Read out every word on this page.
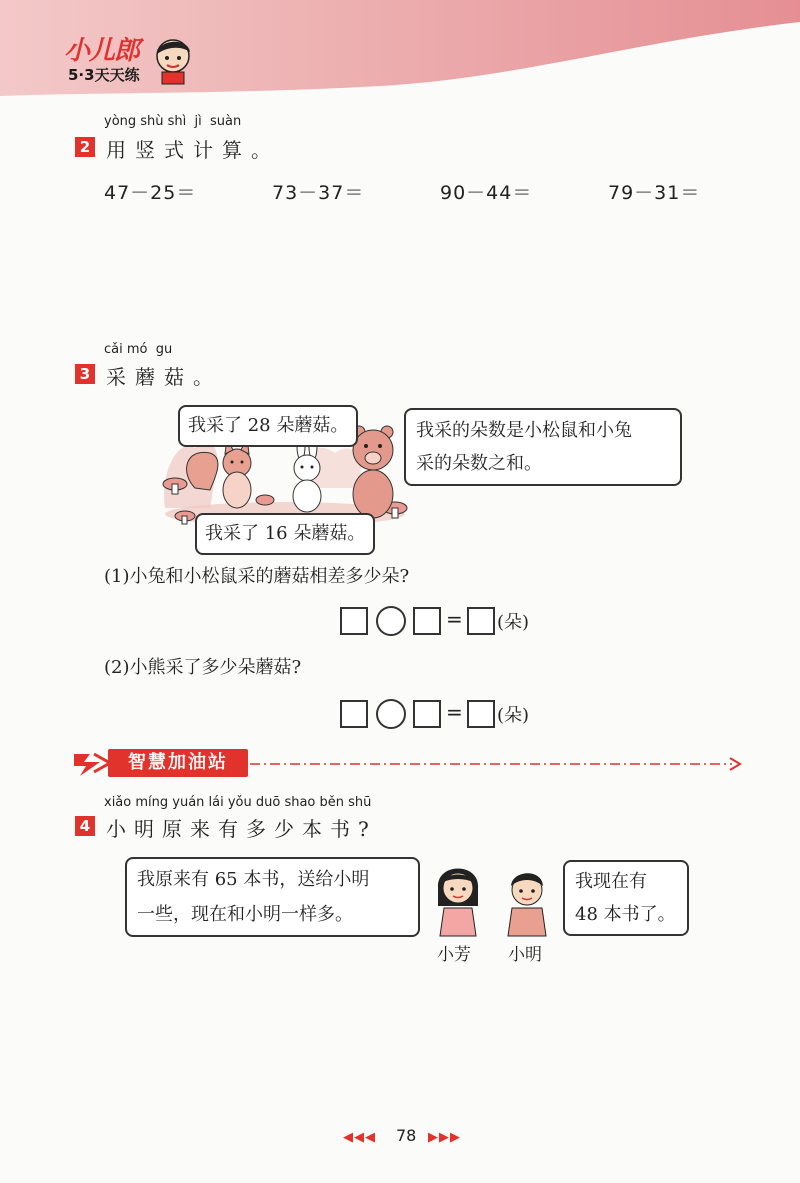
小儿郎
5·3天天练
yòng shù shì  jì  suàn
2 用竖式计算。
47－25＝	73－37＝	90－44＝	79－31＝
cǎi mó  gu
3 采蘑菇。
我采了 28 朵蘑菇。
我采了 16 朵蘑菇。
我采的朵数是小松鼠和小兔
采的朵数之和。
(1)小兔和小松鼠采的蘑菇相差多少朵?
= (朵)
(2)小熊采了多少朵蘑菇?
= (朵)
智慧加油站
xiǎo míng yuán lái yǒu duō shao běn shū
4 小明原来有多少本书?
我原来有 65 本书，送给小明
一些，现在和小明一样多。
我现在有
48 本书了。
小芳 小明
◀◀◀ 78 ▶▶▶
